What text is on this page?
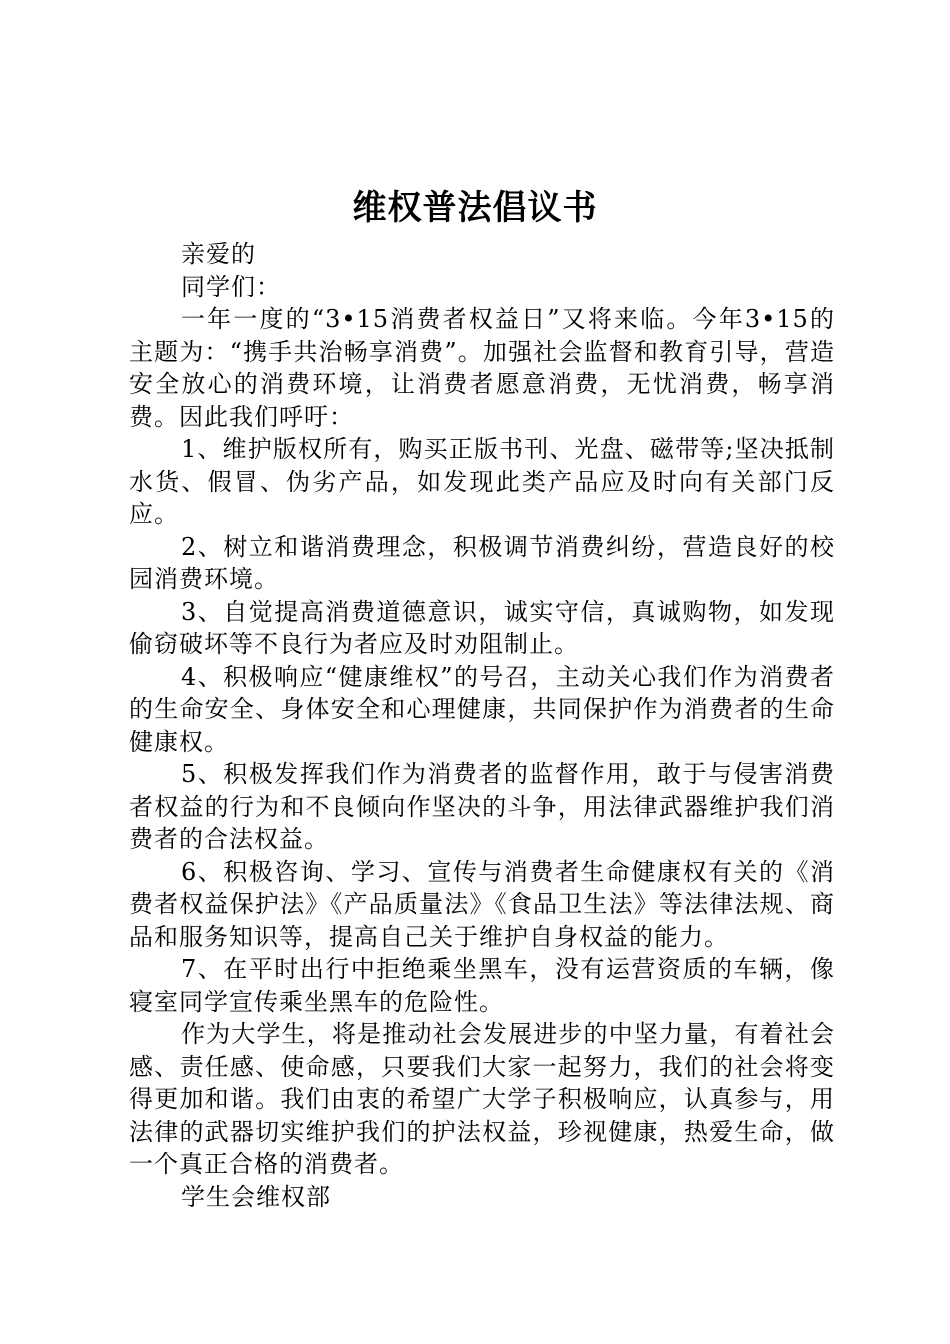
维权普法倡议书

亲爱的

同学们：

一年一度的“3•15消费者权益日”又将来临。今年3•15的主题为：“携手共治畅享消费”。加强社会监督和教育引导，营造安全放心的消费环境，让消费者愿意消费，无忧消费，畅享消费。因此我们呼吁：

1、维护版权所有，购买正版书刊、光盘、磁带等;坚决抵制水货、假冒、伪劣产品，如发现此类产品应及时向有关部门反应。

2、树立和谐消费理念，积极调节消费纠纷，营造良好的校园消费环境。

3、自觉提高消费道德意识，诚实守信，真诚购物，如发现偷窃破坏等不良行为者应及时劝阻制止。

4、积极响应“健康维权”的号召，主动关心我们作为消费者的生命安全、身体安全和心理健康，共同保护作为消费者的生命健康权。

5、积极发挥我们作为消费者的监督作用，敢于与侵害消费者权益的行为和不良倾向作坚决的斗争，用法律武器维护我们消费者的合法权益。

6、积极咨询、学习、宣传与消费者生命健康权有关的《消费者权益保护法》《产品质量法》《食品卫生法》等法律法规、商品和服务知识等，提高自己关于维护自身权益的能力。

7、在平时出行中拒绝乘坐黑车，没有运营资质的车辆，像寝室同学宣传乘坐黑车的危险性。

作为大学生，将是推动社会发展进步的中坚力量，有着社会感、责任感、使命感，只要我们大家一起努力，我们的社会将变得更加和谐。我们由衷的希望广大学子积极响应，认真参与，用法律的武器切实维护我们的护法权益，珍视健康，热爱生命，做一个真正合格的消费者。

学生会维权部
